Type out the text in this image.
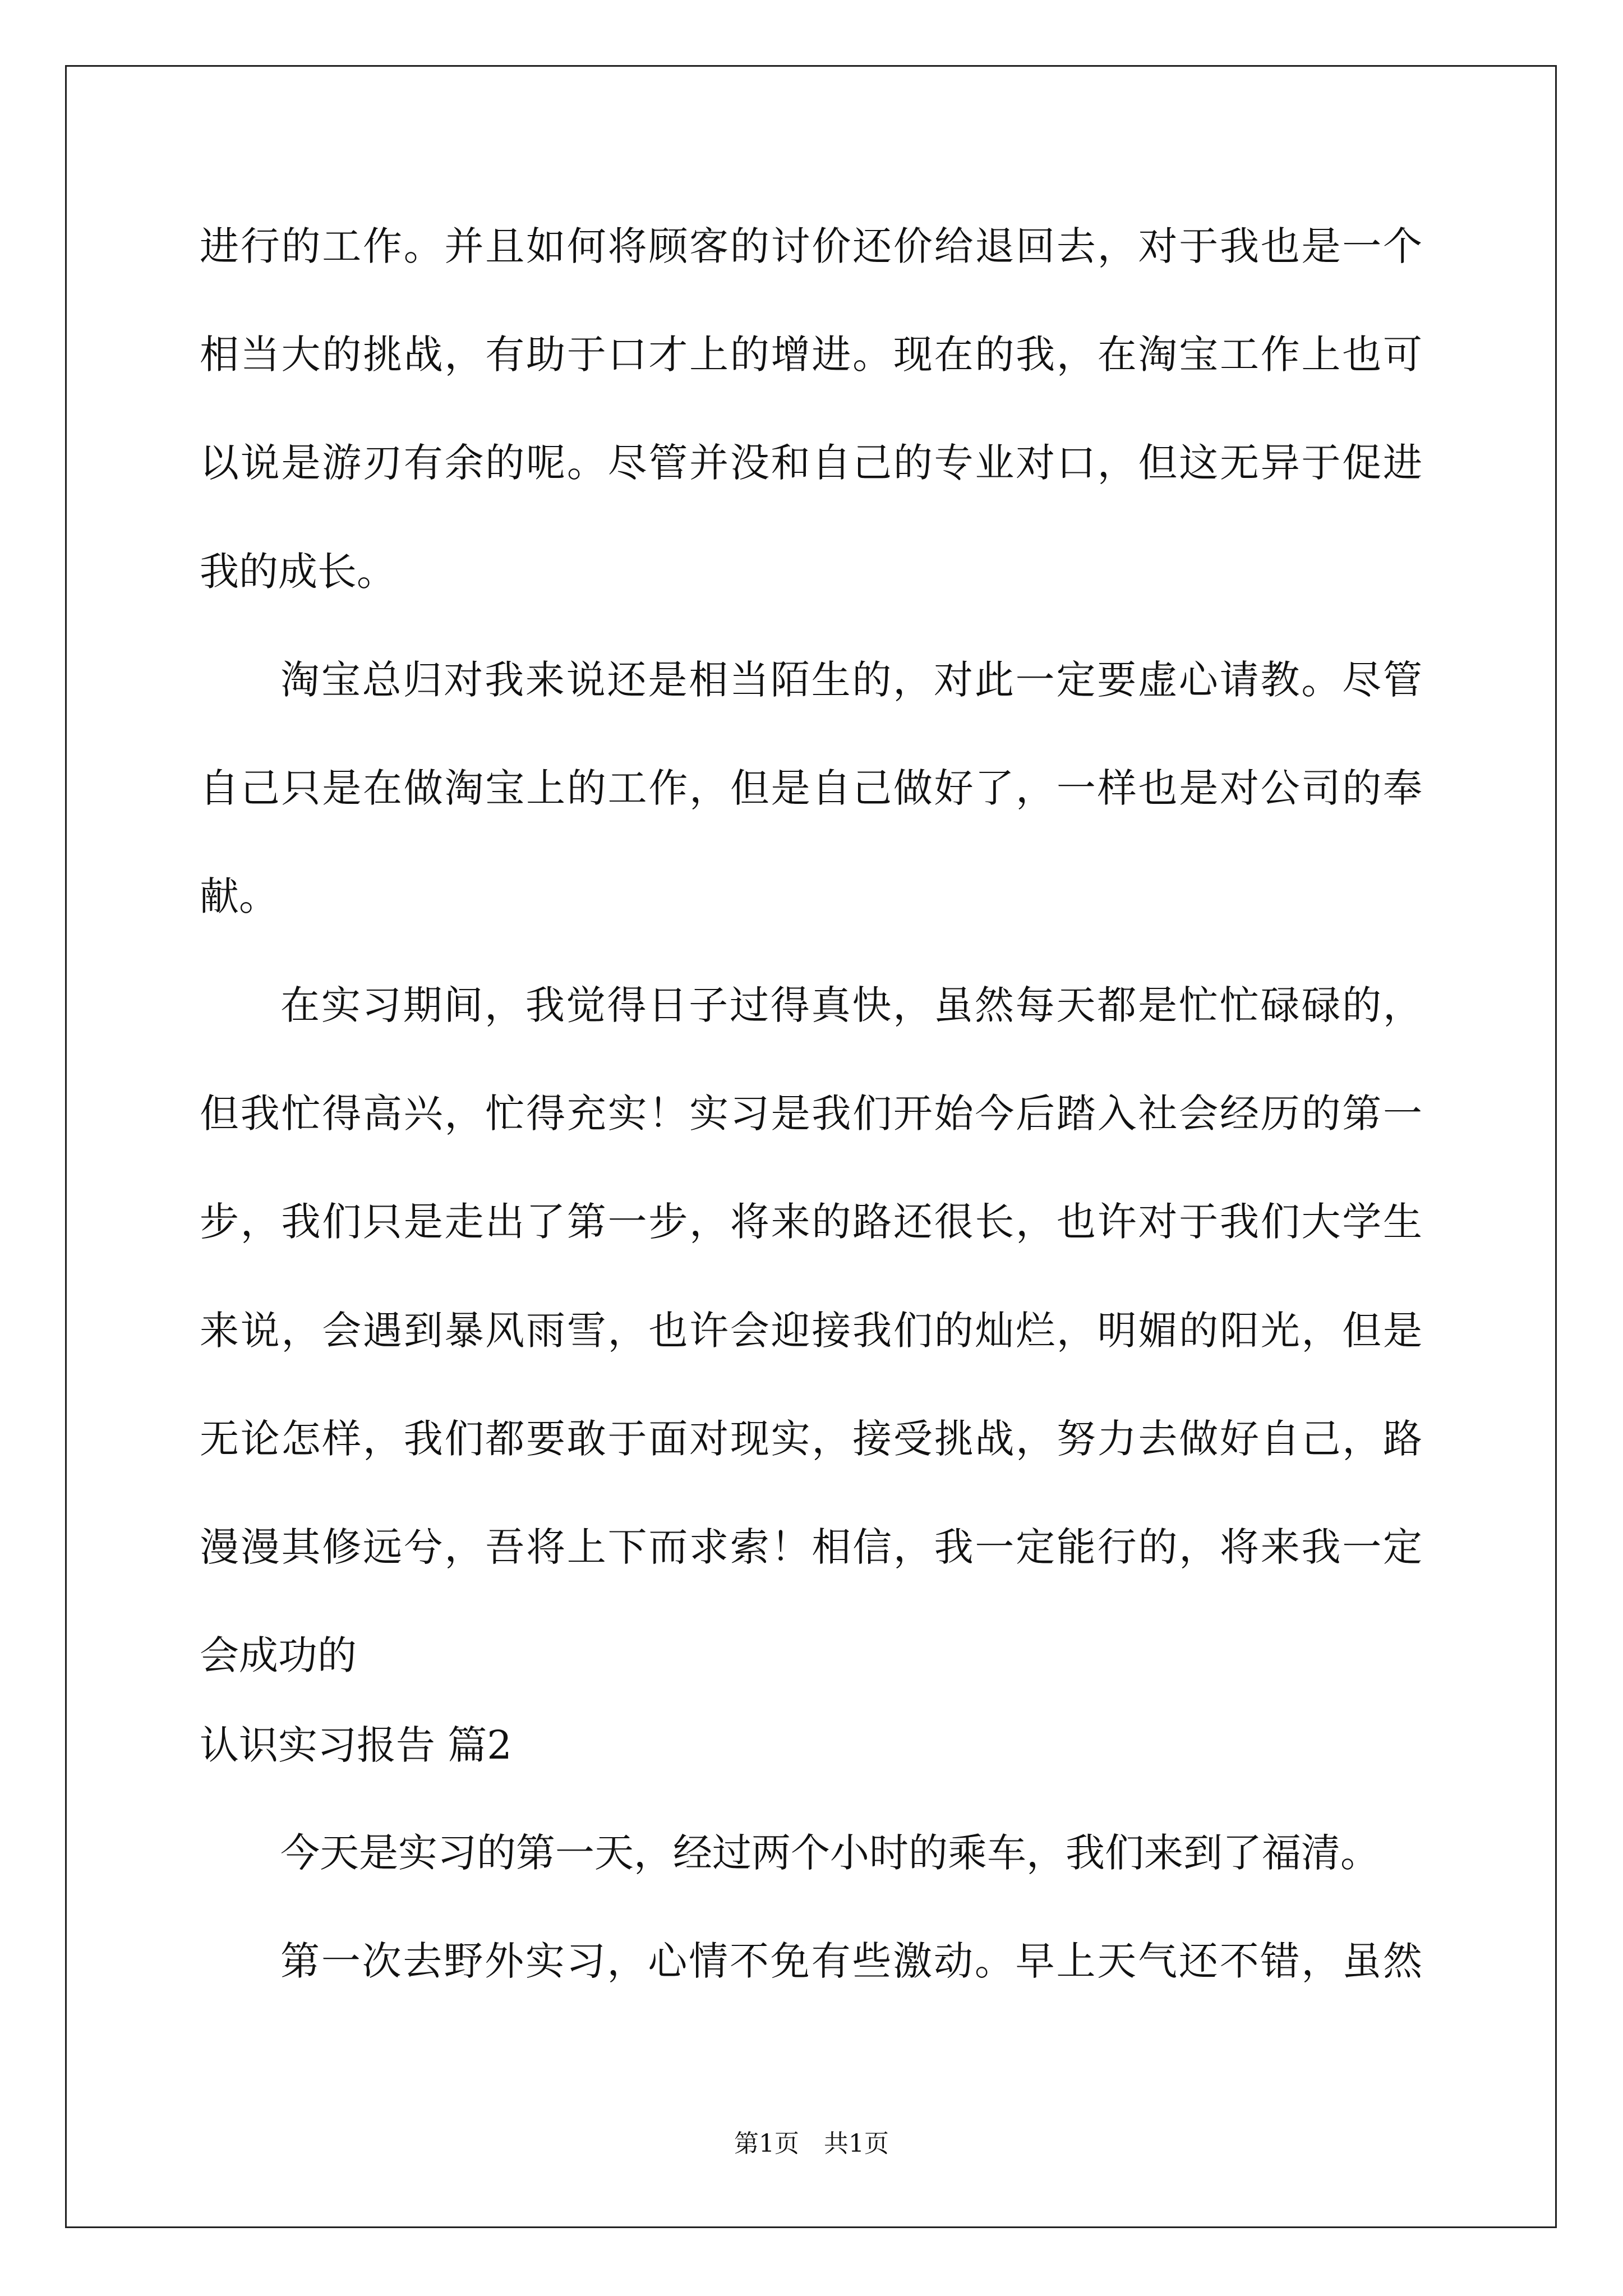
进行的工作。并且如何将顾客的讨价还价给退回去，对于我也是一个
相当大的挑战，有助于口才上的增进。现在的我，在淘宝工作上也可
以说是游刃有余的呢。尽管并没和自己的专业对口，但这无异于促进
我的成长。
淘宝总归对我来说还是相当陌生的，对此一定要虚心请教。尽管
自己只是在做淘宝上的工作，但是自己做好了，一样也是对公司的奉
献。
在实习期间，我觉得日子过得真快，虽然每天都是忙忙碌碌的，
但我忙得高兴，忙得充实！实习是我们开始今后踏入社会经历的第一
步，我们只是走出了第一步，将来的路还很长，也许对于我们大学生
来说，会遇到暴风雨雪，也许会迎接我们的灿烂，明媚的阳光，但是
无论怎样，我们都要敢于面对现实，接受挑战，努力去做好自己，路
漫漫其修远兮，吾将上下而求索！相信，我一定能行的，将来我一定
会成功的
认识实习报告 篇2
今天是实习的第一天，经过两个小时的乘车，我们来到了福清。
第一次去野外实习，心情不免有些激动。早上天气还不错，虽然
第1页　共1页
